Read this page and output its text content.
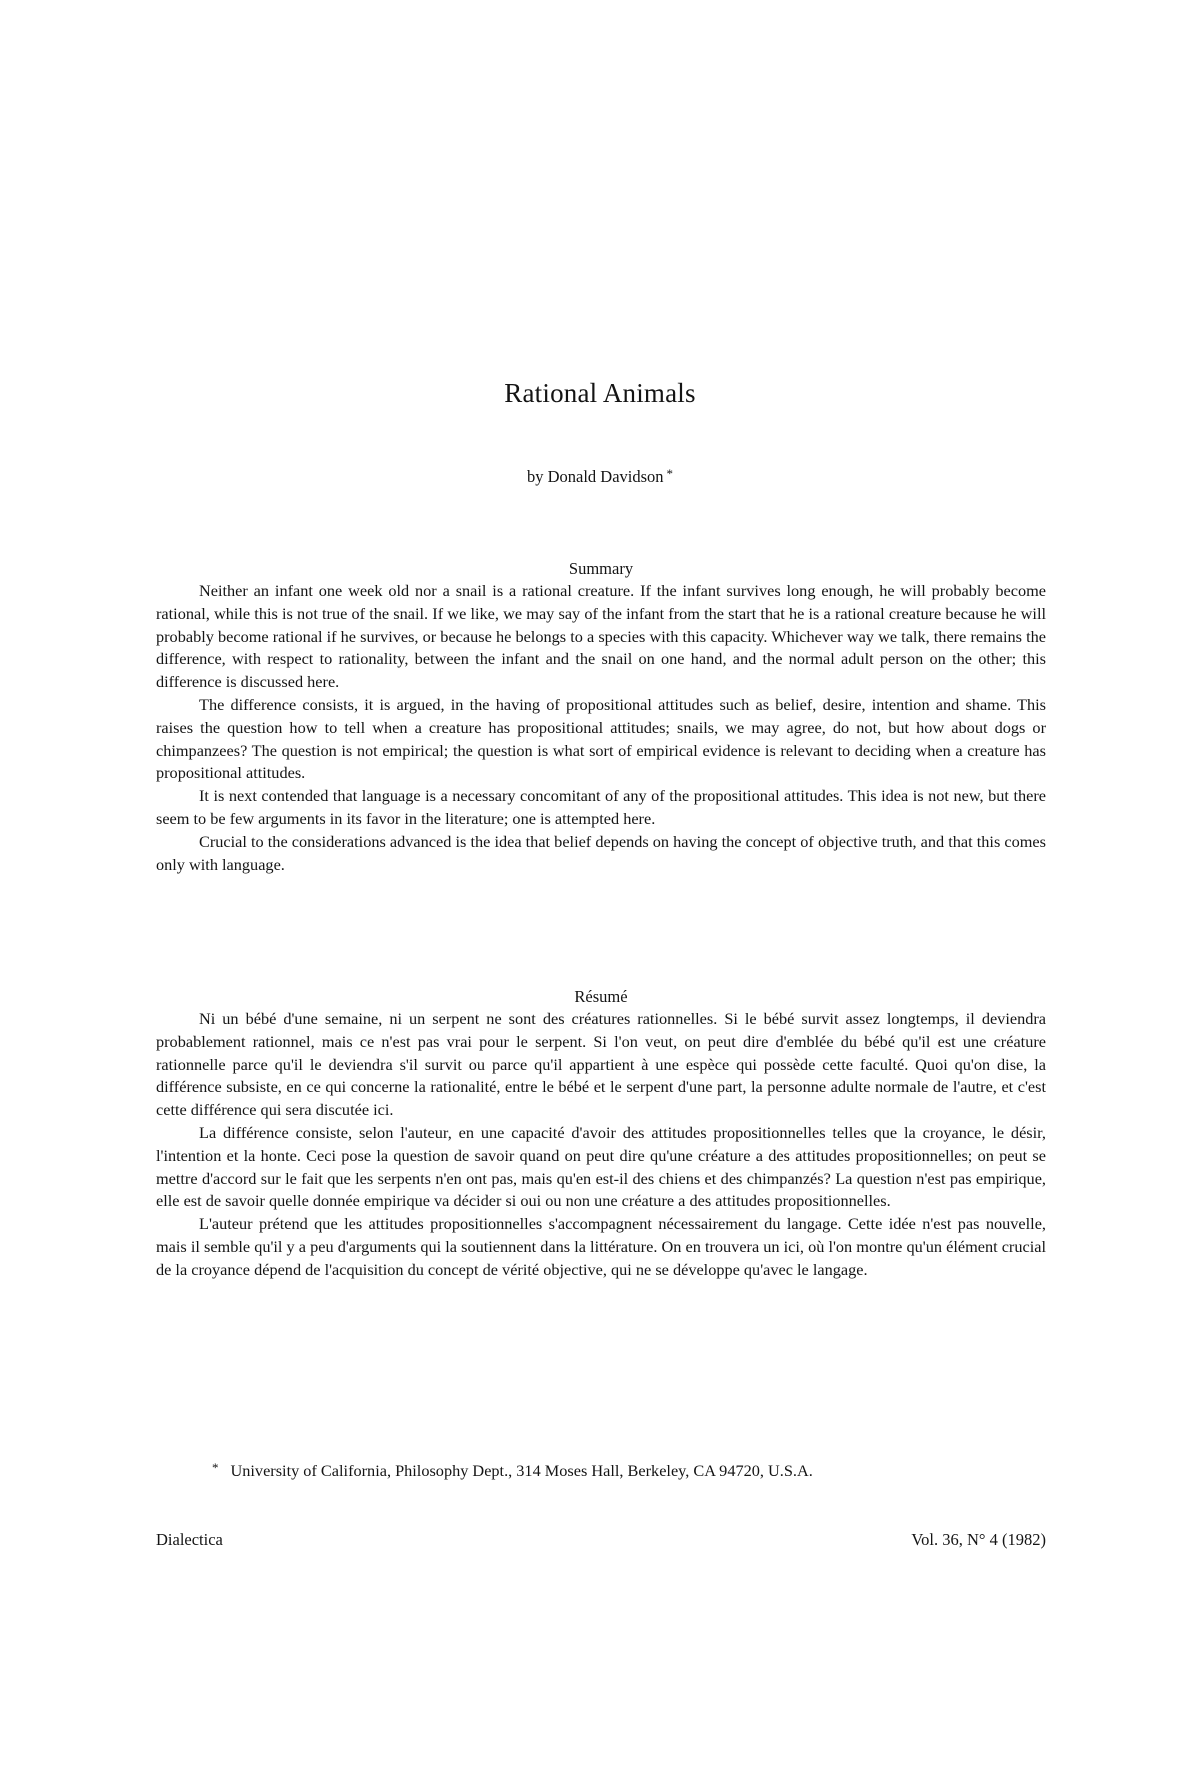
Rational Animals
by Donald Davidson *
Summary

Neither an infant one week old nor a snail is a rational creature. If the infant survives long enough, he will probably become rational, while this is not true of the snail. If we like, we may say of the infant from the start that he is a rational creature because he will probably become rational if he survives, or because he belongs to a species with this capacity. Whichever way we talk, there remains the difference, with respect to rationality, between the infant and the snail on one hand, and the normal adult person on the other; this difference is discussed here.

The difference consists, it is argued, in the having of propositional attitudes such as belief, desire, intention and shame. This raises the question how to tell when a creature has propositional attitudes; snails, we may agree, do not, but how about dogs or chimpanzees? The question is not empirical; the question is what sort of empirical evidence is relevant to deciding when a creature has propositional attitudes.

It is next contended that language is a necessary concomitant of any of the propositional attitudes. This idea is not new, but there seem to be few arguments in its favor in the literature; one is attempted here.

Crucial to the considerations advanced is the idea that belief depends on having the concept of objective truth, and that this comes only with language.

Résumé

Ni un bébé d'une semaine, ni un serpent ne sont des créatures rationnelles. Si le bébé survit assez longtemps, il deviendra probablement rationnel, mais ce n'est pas vrai pour le serpent. Si l'on veut, on peut dire d'emblée du bébé qu'il est une créature rationnelle parce qu'il le deviendra s'il survit ou parce qu'il appartient à une espèce qui possède cette faculté. Quoi qu'on dise, la différence subsiste, en ce qui concerne la rationalité, entre le bébé et le serpent d'une part, la personne adulte normale de l'autre, et c'est cette différence qui sera discutée ici.

La différence consiste, selon l'auteur, en une capacité d'avoir des attitudes propositionnelles telles que la croyance, le désir, l'intention et la honte. Ceci pose la question de savoir quand on peut dire qu'une créature a des attitudes propositionnelles; on peut se mettre d'accord sur le fait que les serpents n'en ont pas, mais qu'en est-il des chiens et des chimpanzés? La question n'est pas empirique, elle est de savoir quelle donnée empirique va décider si oui ou non une créature a des attitudes propositionnelles.

L'auteur prétend que les attitudes propositionnelles s'accompagnent nécessairement du langage. Cette idée n'est pas nouvelle, mais il semble qu'il y a peu d'arguments qui la soutiennent dans la littérature. On en trouvera un ici, où l'on montre qu'un élément crucial de la croyance dépend de l'acquisition du concept de vérité objective, qui ne se développe qu'avec le langage.

* University of California, Philosophy Dept., 314 Moses Hall, Berkeley, CA 94720, U.S.A.
Dialectica	Vol. 36, N° 4 (1982)
